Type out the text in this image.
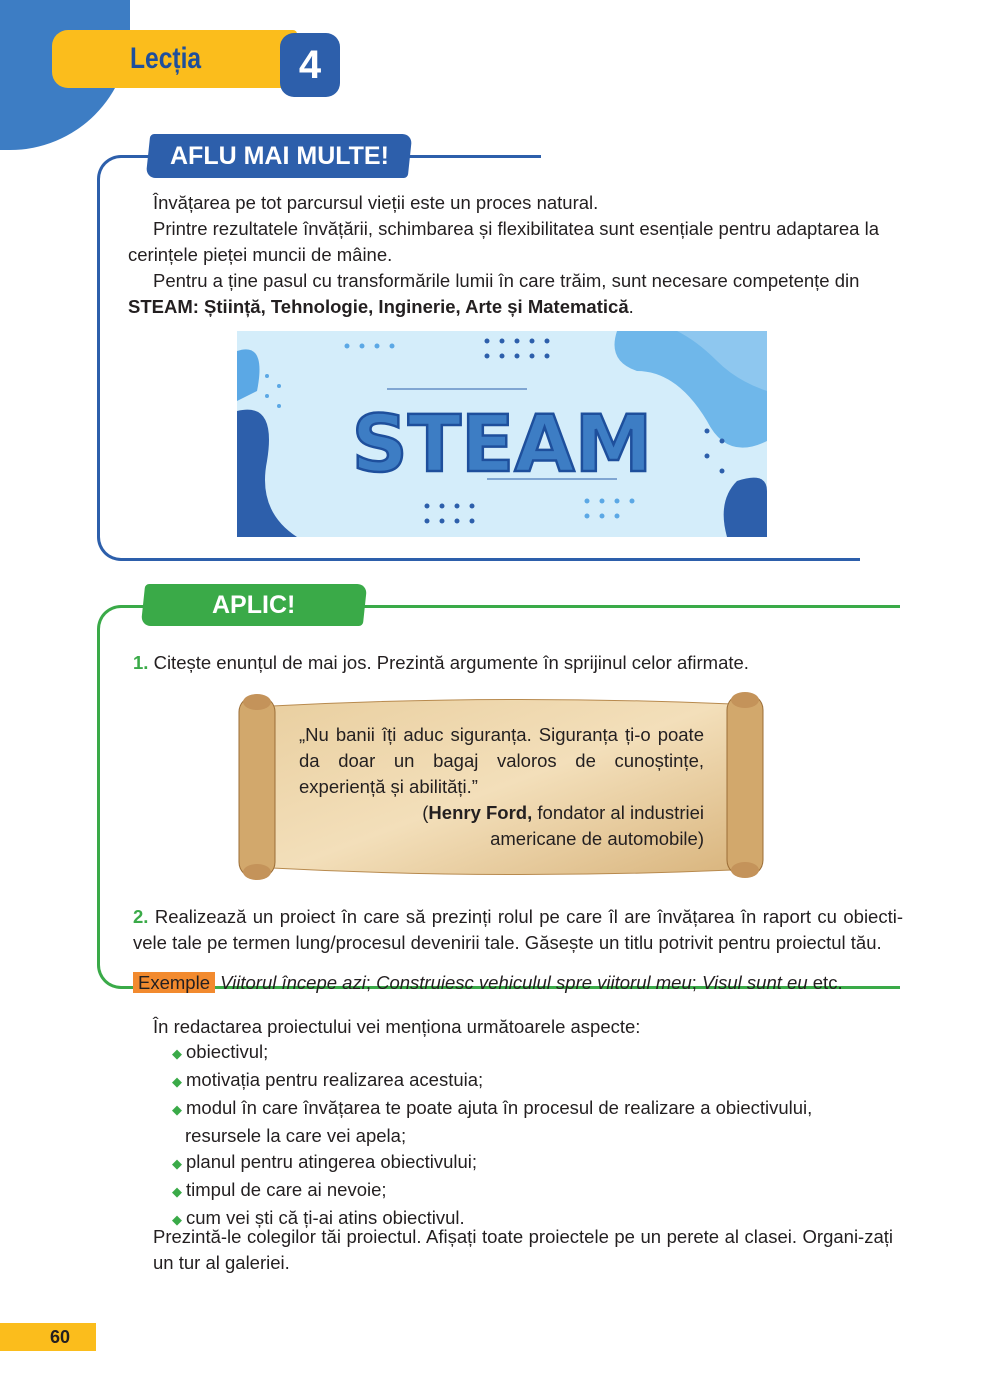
Lecția	4
AFLU MAI MULTE!
Învățarea pe tot parcursul vieții este un proces natural.
Printre rezultatele învățării, schimbarea și flexibilitatea sunt esențiale pentru adaptarea la cerințele pieței muncii de mâine.
Pentru a ține pasul cu transformările lumii în care trăim, sunt necesare competențe din STEAM: Știință, Tehnologie, Inginerie, Arte și Matematică.
STEAM
APLIC!
1. Citește enunțul de mai jos. Prezintă argumente în sprijinul celor afirmate.
„Nu banii îți aduc siguranța. Siguranța ți-o poate da doar un bagaj valoros de cunoștințe, experiență și abilități.”
(Henry Ford, fondator al industriei americane de automobile)
2. Realizează un proiect în care să prezinți rolul pe care îl are învățarea în raport cu obiecti-vele tale pe termen lung/procesul devenirii tale. Găsește un titlu potrivit pentru proiectul tău.
Exemple Viitorul începe azi; Construiesc vehiculul spre viitorul meu; Visul sunt eu etc.
În redactarea proiectului vei menționa următoarele aspecte:
◆ obiectivul;
◆ motivația pentru realizarea acestuia;
◆ modul în care învățarea te poate ajuta în procesul de realizare a obiectivului, resursele la care vei apela;
◆ planul pentru atingerea obiectivului;
◆ timpul de care ai nevoie;
◆ cum vei ști că ți-ai atins obiectivul.
Prezintă-le colegilor tăi proiectul. Afișați toate proiectele pe un perete al clasei. Organi-zați un tur al galeriei.
60
